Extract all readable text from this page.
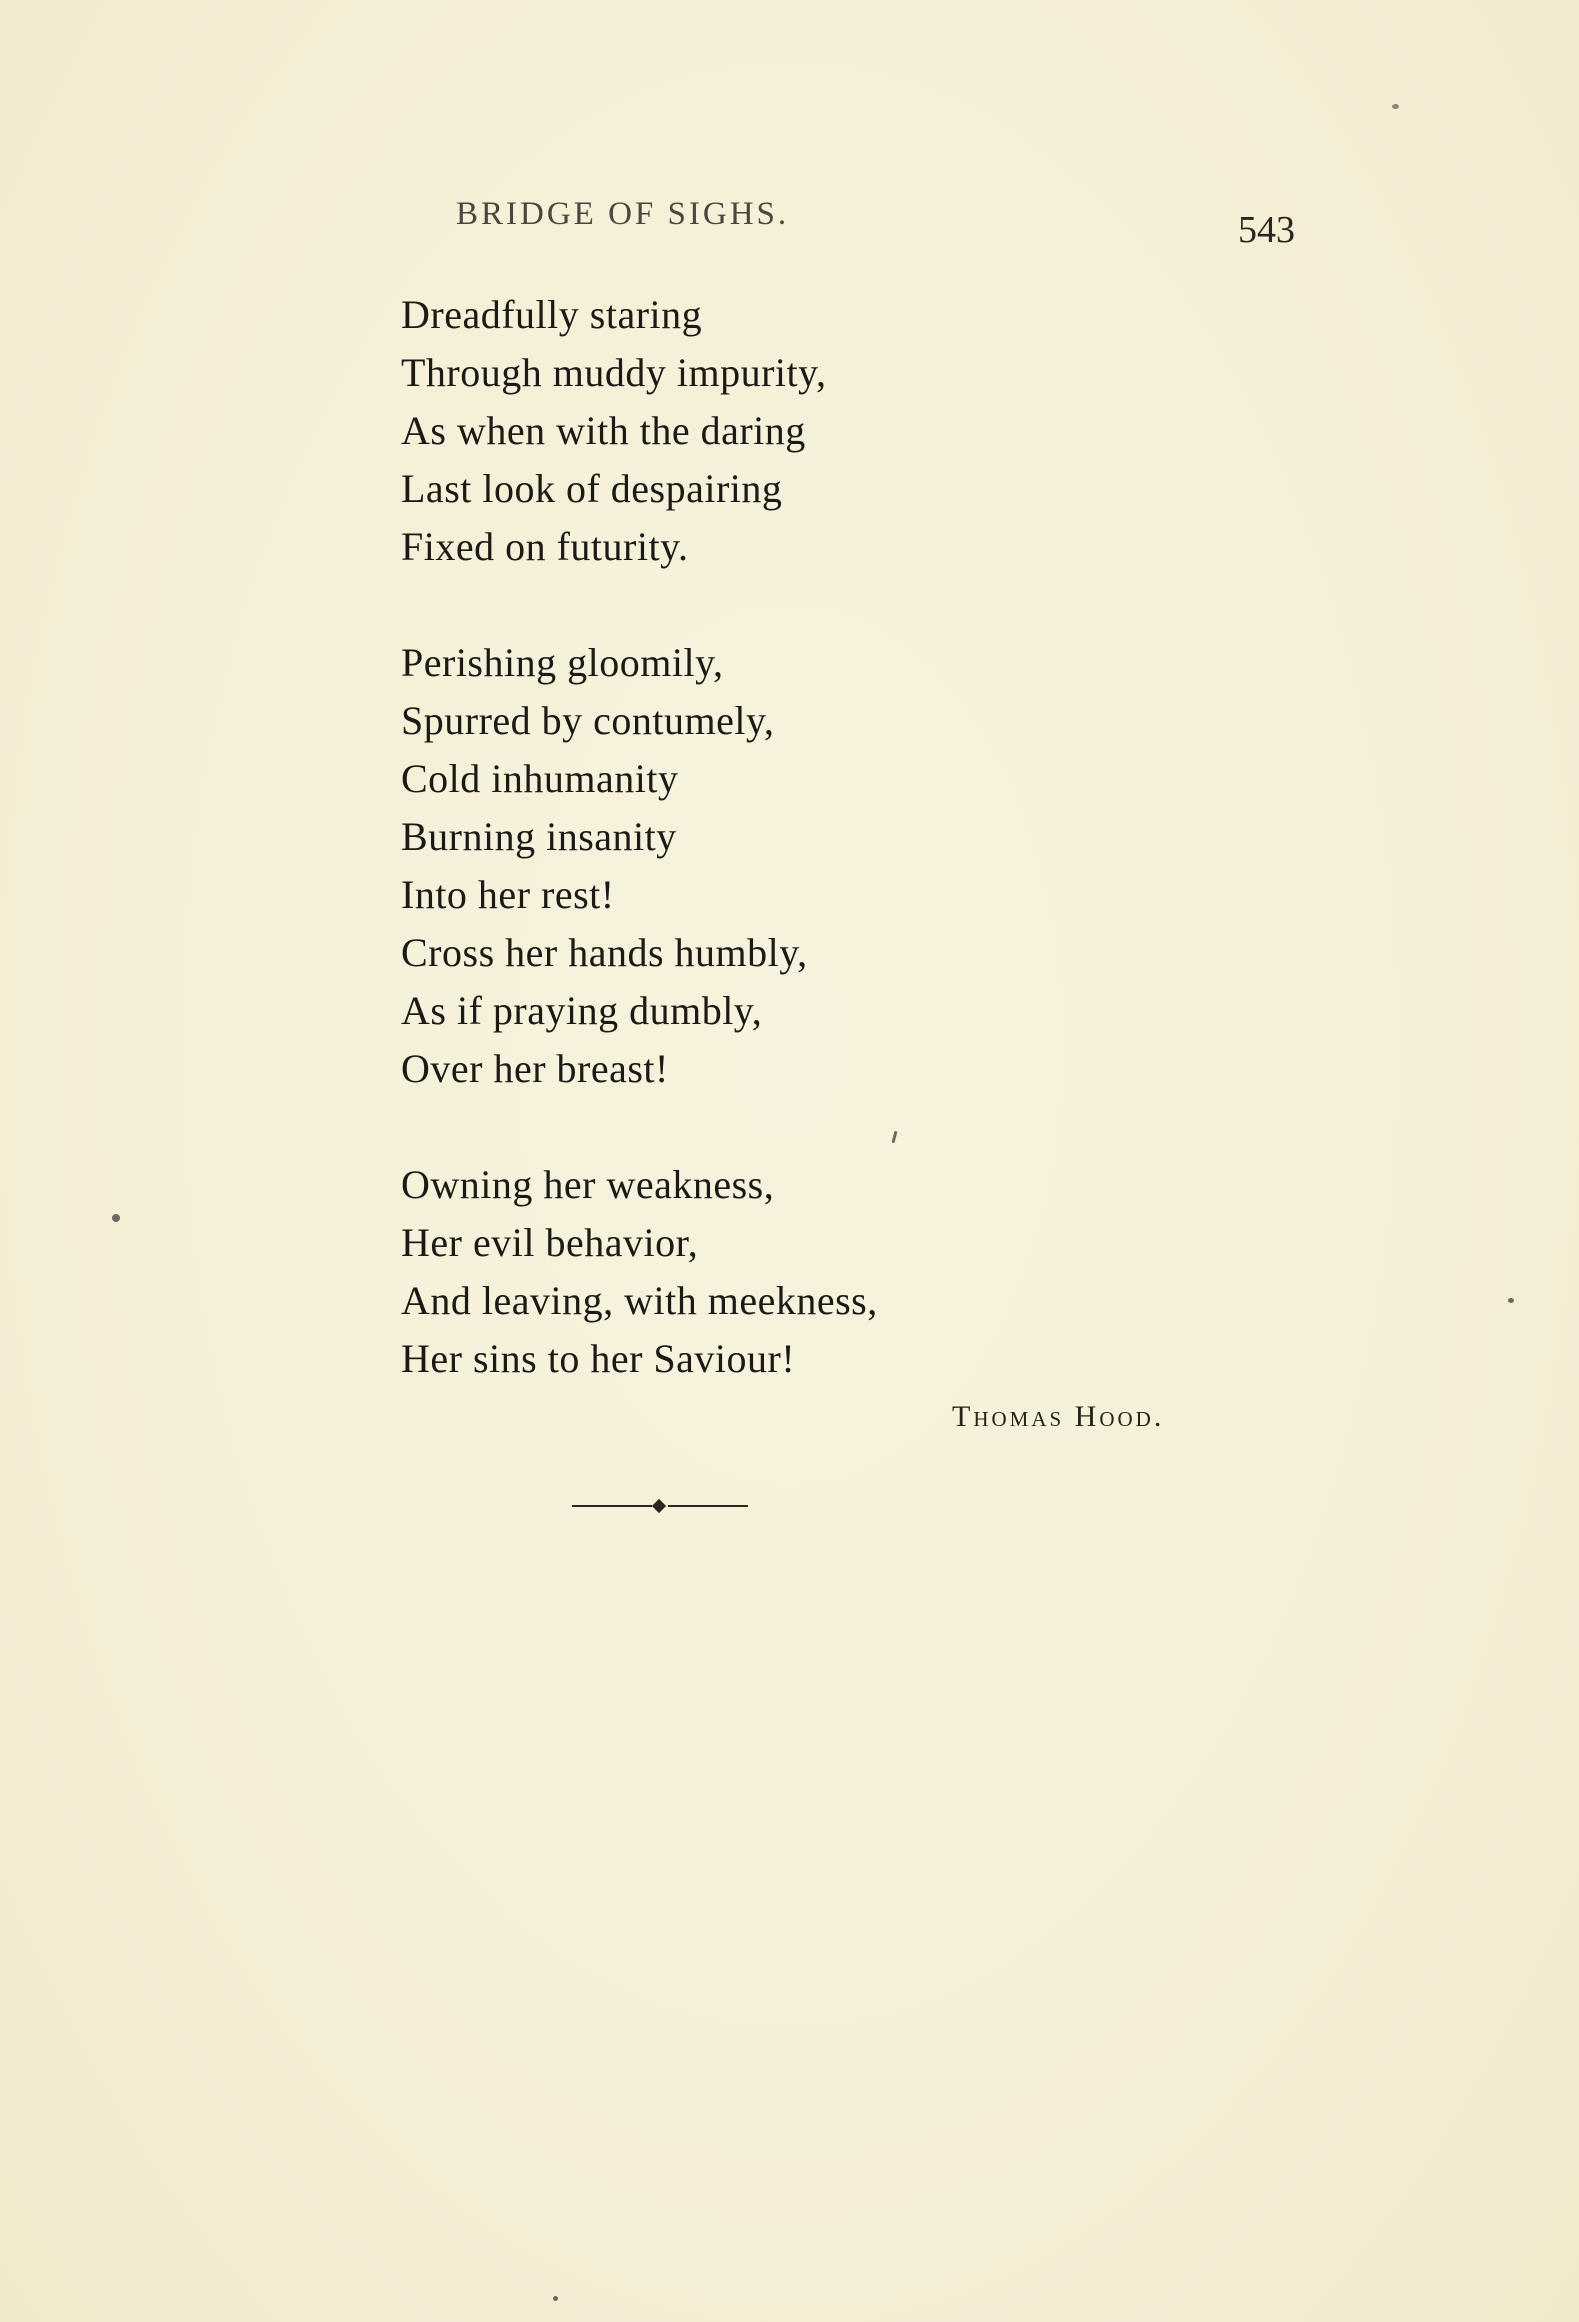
BRIDGE OF SIGHS.	543
Dreadfully staring
Through muddy impurity,
As when with the daring
Last look of despairing
Fixed on futurity.
Perishing gloomily,
Spurred by contumely,
Cold inhumanity
Burning insanity
Into her rest!
Cross her hands humbly,
As if praying dumbly,
Over her breast!
Owning her weakness,
Her evil behavior,
And leaving, with meekness,
Her sins to her Saviour!
Thomas Hood.
